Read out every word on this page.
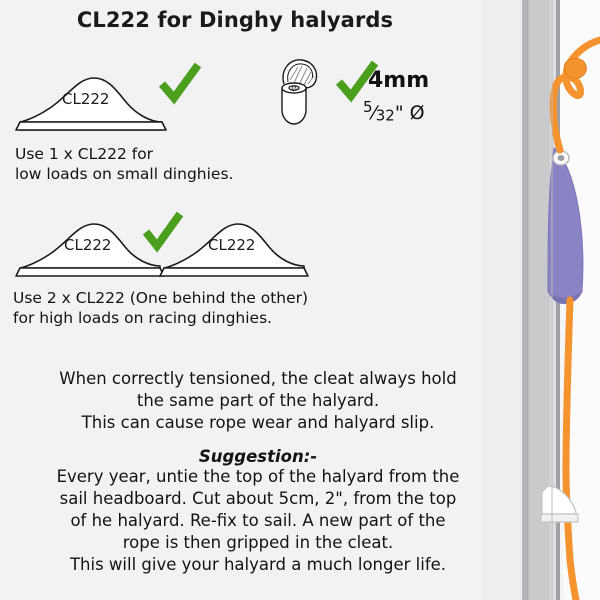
CL222 for Dinghy halyards
CL222
Use 1 x CL222 for
low loads on small dinghies.
Ø	4mm
$^5$⁄32" Ø
CL222	CL222
Use 2 x CL222 (One behind the other)
for high loads on racing dinghies.
When correctly tensioned, the cleat always hold
the same part of the halyard.
This can cause rope wear and halyard slip.
Suggestion:-
Every year, untie the top of the halyard from the
sail headboard. Cut about 5cm, 2", from the top
of he halyard. Re-fix to sail. A new part of the
rope is then gripped in the cleat.
This will give your halyard a much longer life.
